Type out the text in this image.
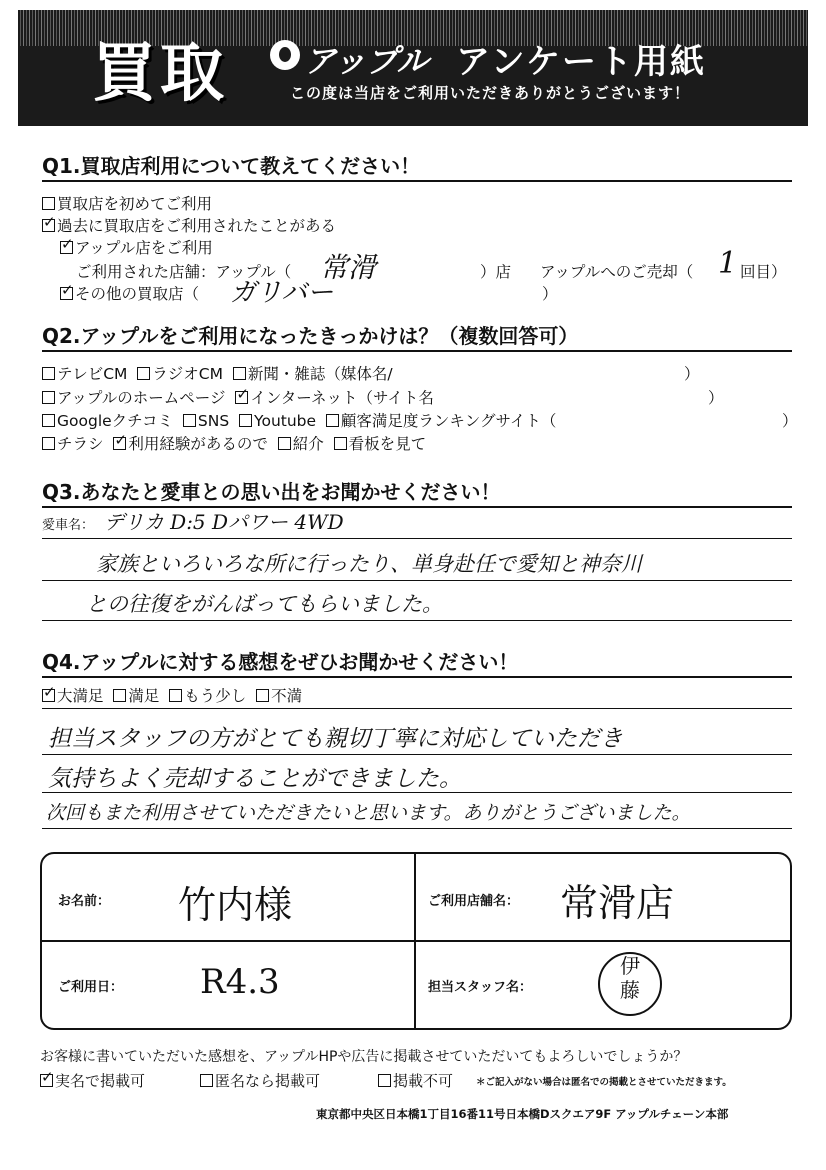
買取 アップル アンケート用紙
この度は当店をご利用いただきありがとうございます！
Q1.買取店利用について教えてください！
買取店を初めてご利用
✓過去に買取店をご利用されたことがある
✓アップル店をご利用
ご利用された店舗：アップル（ 常滑	）店 アップルへのご売却（ 1 回目）
✓その他の買取店（ ガリバー	）
Q2.アップルをご利用になったきっかけは？（複数回答可）
テレビCM ラジオCM 新聞・雑誌（媒体名/	）
アップルのホームページ ✓ インターネット（サイト名	）
Googleクチコミ SNS Youtube 顧客満足度ランキングサイト（	）
チラシ ✓ 利用経験があるので 紹介 看板を見て
Q3.あなたと愛車との思い出をお聞かせください！
愛車名： デリカ D:5 Dパワー 4WD
家族といろいろな所に行ったり、単身赴任で愛知と神奈川
との往復をがんばってもらいました。
Q4.アップルに対する感想をぜひお聞かせください！
✓大満足 満足 もう少し 不満
担当スタッフの方がとても親切丁寧に対応していただき
気持ちよく売却することができました。
次回もまた利用させていただきたいと思います。ありがとうございました。
お名前： 竹内様	ご利用店舗名： 常滑店
ご利用日： R4.3	担当スタッフ名：
伊
藤
お客様に書いていただいた感想を、アップルHPや広告に掲載させていただいてもよろしいでしょうか？
✓実名で掲載可	匿名なら掲載可	掲載不可 ＊ご記入がない場合は匿名での掲載とさせていただきます。
東京都中央区日本橋1丁目16番11号日本橋Dスクエア9F アップルチェーン本部
